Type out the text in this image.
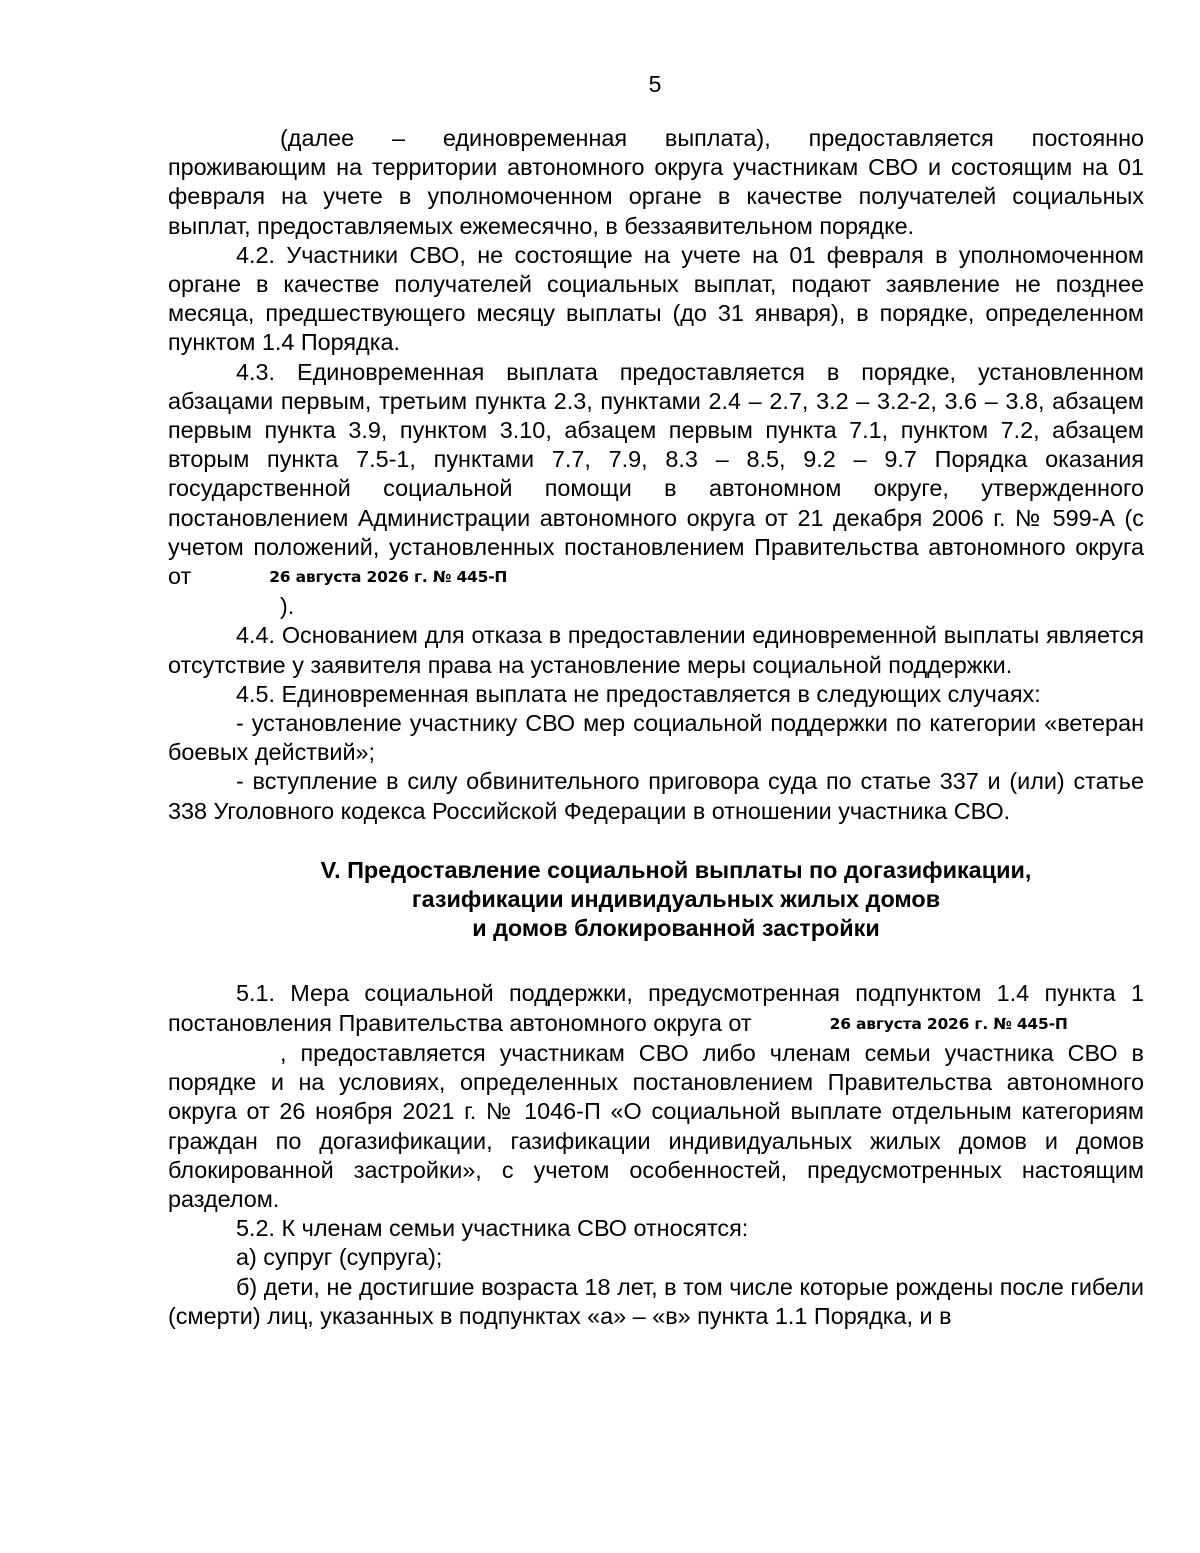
5

(далее – единовременная выплата), предоставляется постоянно проживающим на территории автономного округа участникам СВО и состоящим на 01 февраля на учете в уполномоченном органе в качестве получателей социальных выплат, предоставляемых ежемесячно, в беззаявительном порядке.

4.2. Участники СВО, не состоящие на учете на 01 февраля в уполномоченном органе в качестве получателей социальных выплат, подают заявление не позднее месяца, предшествующего месяцу выплаты (до 31 января), в порядке, определенном пунктом 1.4 Порядка.

4.3. Единовременная выплата предоставляется в порядке, установленном абзацами первым, третьим пункта 2.3, пунктами 2.4 – 2.7, 3.2 – 3.2-2, 3.6 – 3.8, абзацем первым пункта 3.9, пунктом 3.10, абзацем первым пункта 7.1, пунктом 7.2, абзацем вторым пункта 7.5-1, пунктами 7.7, 7.9, 8.3 – 8.5, 9.2 – 9.7 Порядка оказания государственной социальной помощи в автономном округе, утвержденного постановлением Администрации автономного округа от 21 декабря 2006 г. № 599-А (с учетом положений, установленных постановлением Правительства автономного округа от	26 августа 2026 г. № 445-П

).

4.4. Основанием для отказа в предоставлении единовременной выплаты является отсутствие у заявителя права на установление меры социальной поддержки.

4.5. Единовременная выплата не предоставляется в следующих случаях:

- установление участнику СВО мер социальной поддержки по категории «ветеран боевых действий»;

- вступление в силу обвинительного приговора суда по статье 337 и (или) статье 338 Уголовного кодекса Российской Федерации в отношении участника СВО.

V. Предоставление социальной выплаты по догазификации,
газификации индивидуальных жилых домов
и домов блокированной застройки

5.1. Мера социальной поддержки, предусмотренная подпунктом 1.4 пункта 1 постановления Правительства автономного округа от	26 августа 2026 г. № 445-П

, предоставляется участникам СВО либо членам семьи участника СВО в порядке и на условиях, определенных постановлением Правительства автономного округа от 26 ноября 2021 г. № 1046-П «О социальной выплате отдельным категориям граждан по догазификации, газификации индивидуальных жилых домов и домов блокированной застройки», с учетом особенностей, предусмотренных настоящим разделом.

5.2. К членам семьи участника СВО относятся:

а) супруг (супруга);

б) дети, не достигшие возраста 18 лет, в том числе которые рождены после гибели (смерти) лиц, указанных в подпунктах «а» – «в» пункта 1.1 Порядка, и в
